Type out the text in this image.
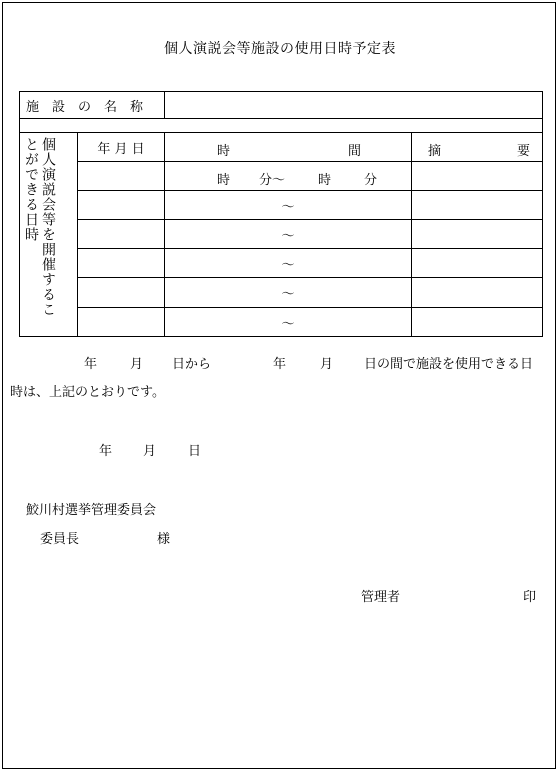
個人演説会等施設の使用日時予定表
施設の名称			

個人演説会等を開催することができる日時	年 月 日	時 間	摘 要

		時 分～ 時 分	

		～	
		～	
		～	
		～	
		～	
年	月 日から	年	月 日の間で施設を使用できる日
時は、上記のとおりです。
年 月 日
鮫川村選挙管理委員会
委員長	様
管理者	印
